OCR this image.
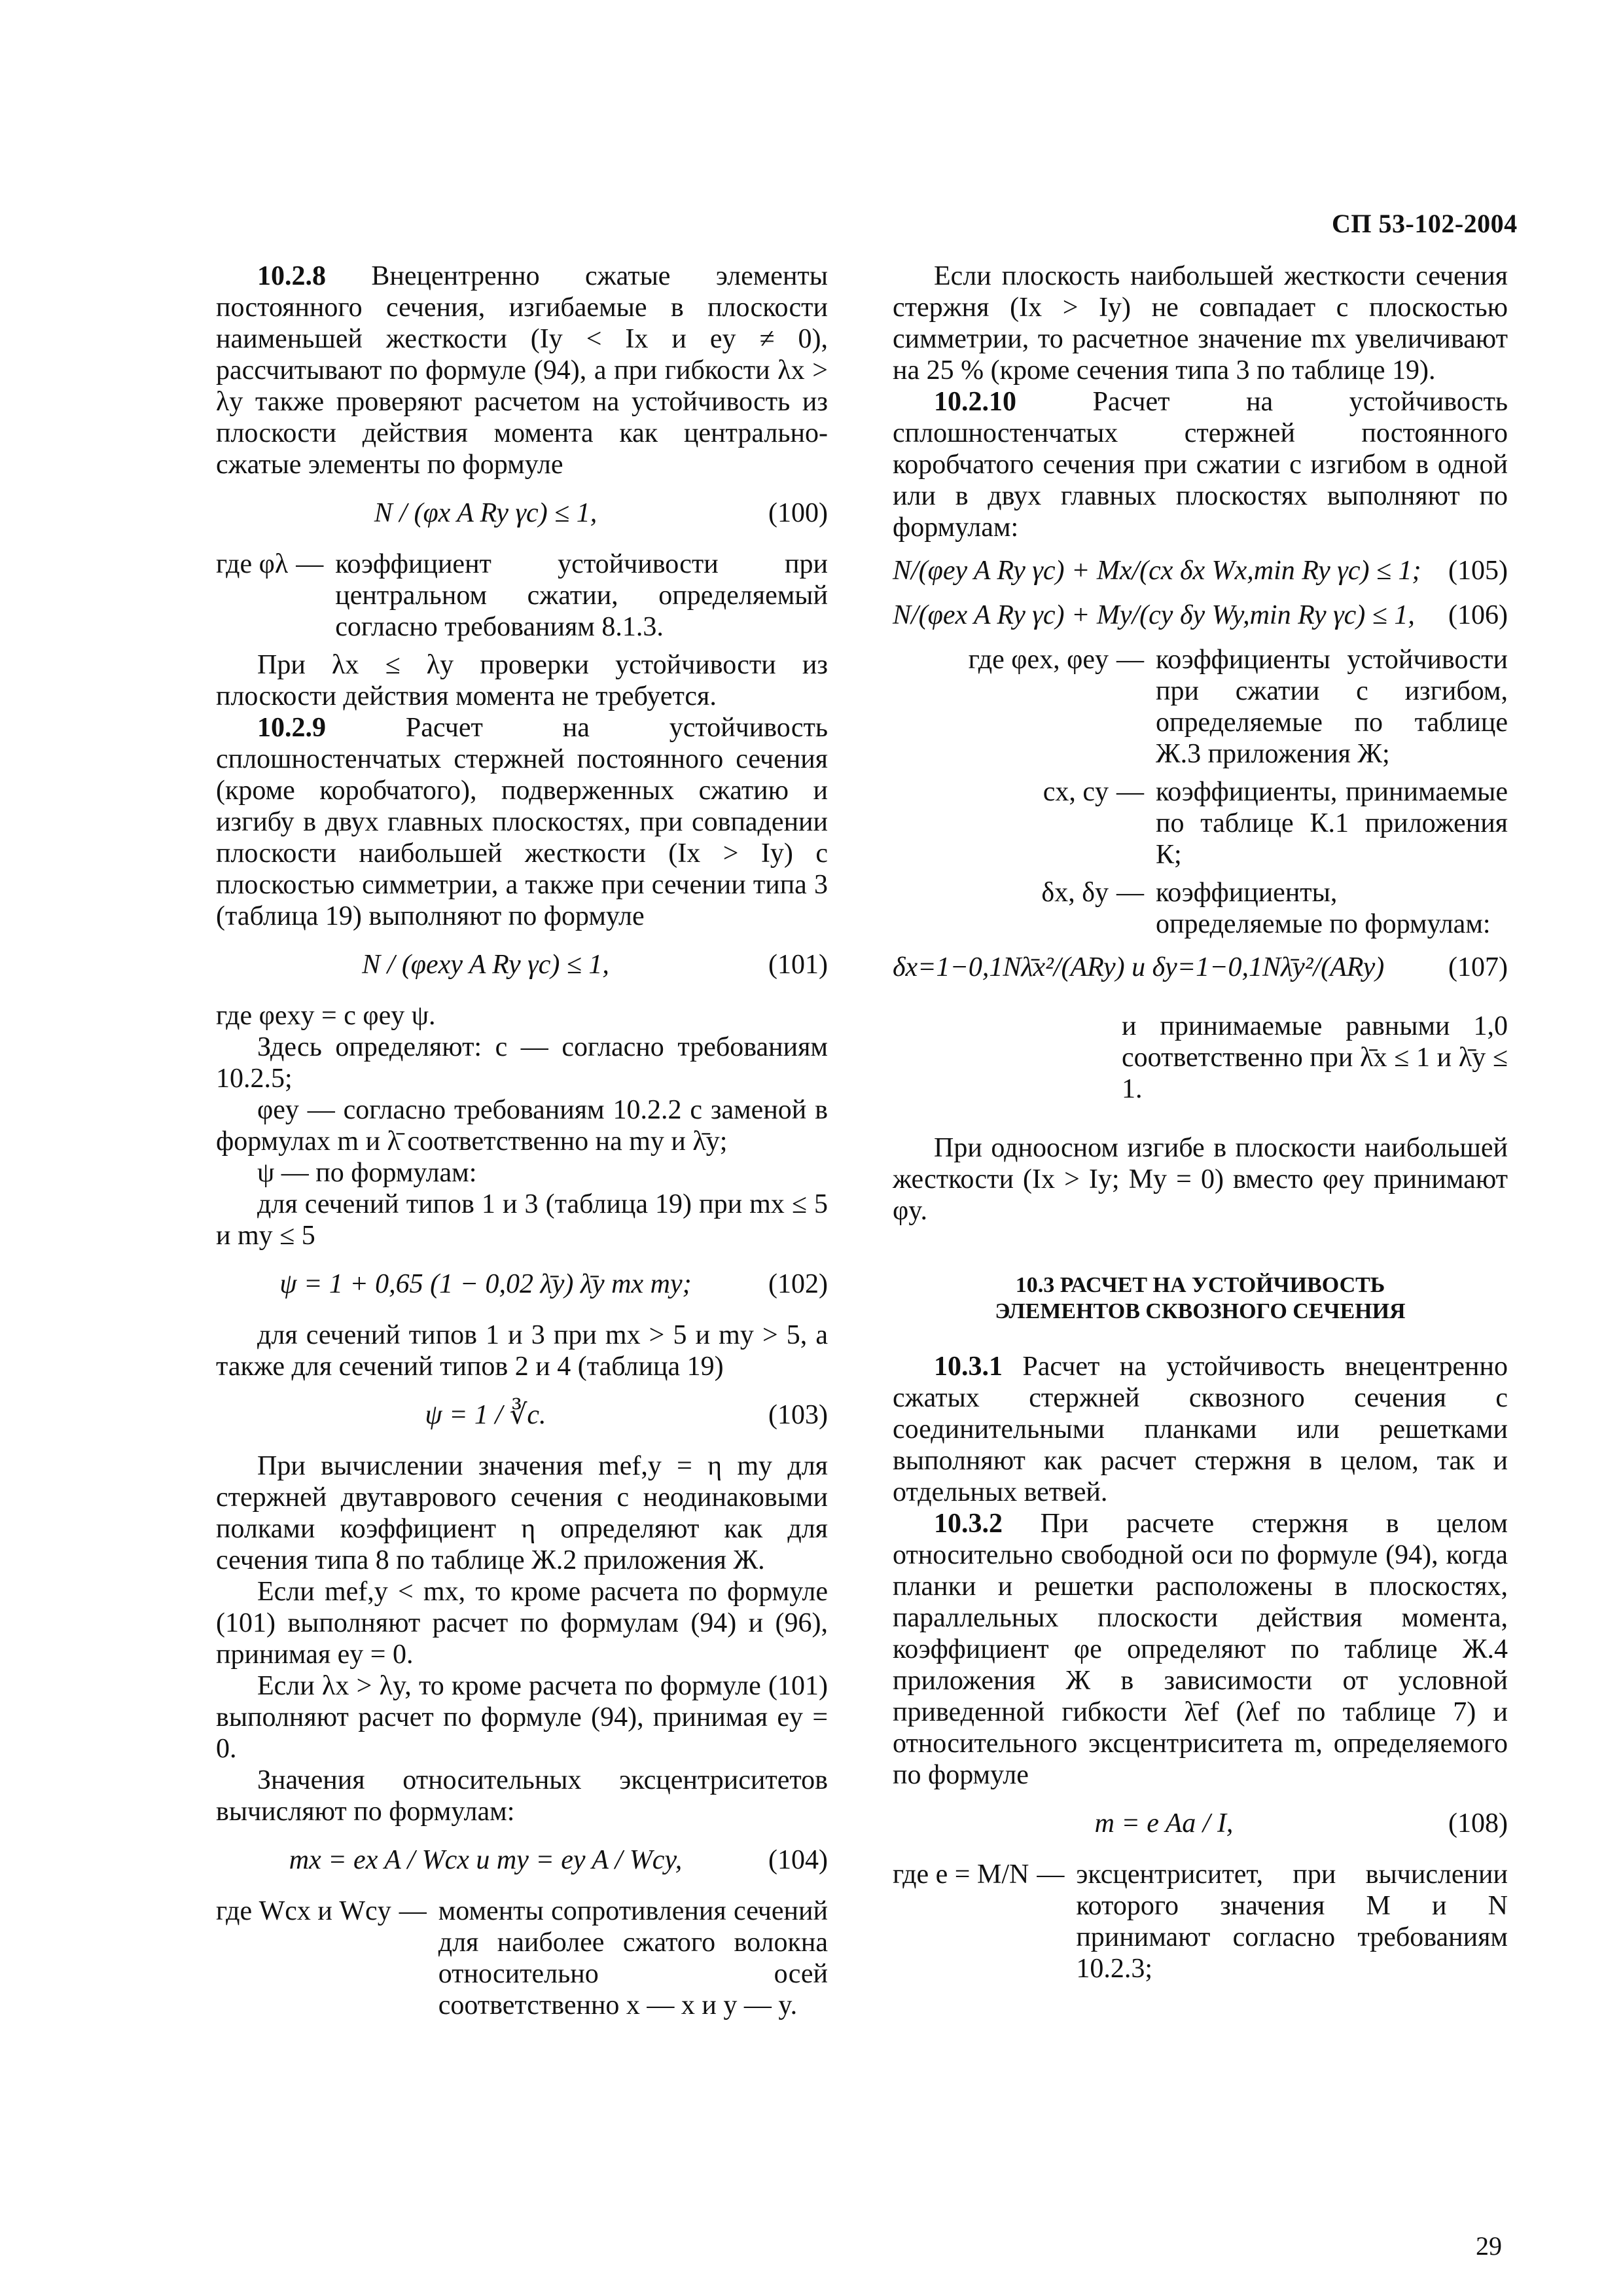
СП 53-102-2004

10.2.8 Внецентренно сжатые элементы постоянного сечения, изгибаемые в плоскости наименьшей жесткости (Iy < Ix и ey ≠ 0), рассчитывают по формуле (94), а при гибкости λx > λy также проверяют расчетом на устойчивость из плоскости действия момента как центрально-сжатые элементы по формуле

N / (φx A Ry γc) ≤ 1,	(100)
где φλ — коэффициент устойчивости при центральном сжатии, определяемый согласно требованиям 8.1.3.

При λx ≤ λy проверки устойчивости из плоскости действия момента не требуется.

10.2.9	Расчет на устойчивость сплошностенчатых стержней постоянного сечения (кроме коробчатого), подверженных сжатию и изгибу в двух главных плоскостях, при совпадении плоскости наибольшей жесткости (Ix > Iy) с плоскостью симметрии, а также при сечении типа 3 (таблица 19) выполняют по формуле

N / (φexy A Ry γc) ≤ 1,	(101)

где φexy = c φey ψ.

Здесь определяют: c — согласно требованиям 10.2.5;

φey — согласно требованиям 10.2.2 с заменой в формулах m и λ̄ соответственно на my и λ̄y;

ψ — по формулам:

для сечений типов 1 и 3 (таблица 19) при mx ≤ 5 и my ≤ 5

ψ = 1 + 0,65 (1 − 0,02 λ̄y) λ̄y mx my;	(102)

для сечений типов 1 и 3 при mx > 5 и my > 5, а также для сечений типов 2 и 4 (таблица 19)

ψ = 1 / ∛c.	(103)

При вычислении значения mef,y = η my для стержней двутаврового сечения с неодинаковыми полками коэффициент η определяют как для сечения типа 8 по таблице Ж.2 приложения Ж.

Если mef,y < mx, то кроме расчета по формуле (101) выполняют расчет по формулам (94) и (96), принимая ey = 0.

Если λx > λy, то кроме расчета по формуле (101) выполняют расчет по формуле (94), принимая ey = 0.

Значения относительных эксцентриситетов вычисляют по формулам:

mx = ex A / Wcx и my = ey A / Wcy,	(104)
где Wcx и Wcy — моменты сопротивления сечений для наиболее сжатого волокна относительно осей соответственно x — x и y — y.

Если плоскость наибольшей жесткости сечения стержня (Ix > Iy) не совпадает с плоскостью симметрии, то расчетное значение mx увеличивают на 25 % (кроме сечения типа 3 по таблице 19).

10.2.10	Расчет на устойчивость сплошностенчатых стержней постоянного коробчатого сечения при сжатии с изгибом в одной или в двух главных плоскостях выполняют по формулам:

N/(φey A Ry γc) + Mx/(cx δx Wx,min Ry γc) ≤ 1; (105)
N/(φex A Ry γc) + My/(cy δy Wy,min Ry γc) ≤ 1,	(106)
где φex, φey — коэффициенты устойчивости при сжатии с изгибом, определяемые по таблице Ж.3 приложения Ж;
cx, cy — коэффициенты, принимаемые по таблице К.1 приложения К;
δx, δy — коэффициенты, определяемые по формулам:
δx=1−0,1Nλ̄x²/(ARy) и δy=1−0,1Nλ̄y²/(ARy)	(107)

и принимаемые равными 1,0 соответственно при λ̄x ≤ 1 и λ̄y ≤ 1.

При одноосном изгибе в плоскости наибольшей жесткости (Ix > Iy; My = 0) вместо φey принимают φy.

10.3 РАСЧЕТ НА УСТОЙЧИВОСТЬ
ЭЛЕМЕНТОВ СКВОЗНОГО СЕЧЕНИЯ

10.3.1 Расчет на устойчивость внецентренно сжатых стержней сквозного сечения с соединительными планками или решетками выполняют как расчет стержня в целом, так и отдельных ветвей.

10.3.2 При расчете стержня в целом относительно свободной оси по формуле (94), когда планки и решетки расположены в плоскостях, параллельных плоскости действия момента, коэффициент φe определяют по таблице Ж.4 приложения Ж в зависимости от условной приведенной гибкости λ̄ef (λef по таблице 7) и относительного эксцентриситета m, определяемого по формуле

m = e Aa / I,	(108)
где e = M/N — эксцентриситет, при вычислении которого значения M и N принимают согласно требованиям 10.2.3;
29
